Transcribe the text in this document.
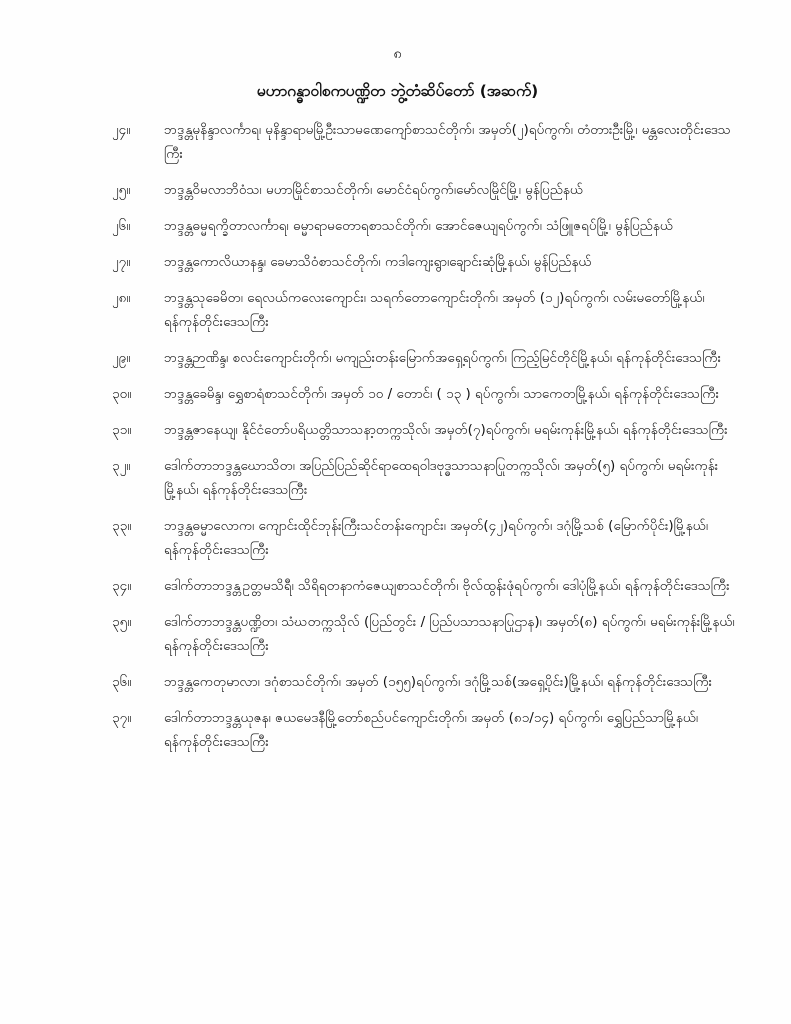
၈
မဟာဂန္ဓာဝါစကပဏ္ဍိတ ဘွဲ့တံဆိပ်တော် (အဆက်)
၂၄။	ဘဒ္ဒန္တမုနိန္ဒာလင်္ကာရ၊ မုနိန္ဒာရာမမြို့ဦးသာမဏေကျော်စာသင်တိုက်၊ အမှတ်(၂)ရပ်ကွက်၊ တံတားဦးမြို့၊ မန္တလေးတိုင်းဒေသကြီး
၂၅။	ဘဒ္ဒန္တဝိမလာဘိဝံသ၊ မဟာမြိုင်စာသင်တိုက်၊ မောင်ငံရပ်ကွက်၊မော်လမြိုင်မြို့၊ မွန်ပြည်နယ်
၂၆။	ဘဒ္ဒန္တဓမ္မရက္ခိတာလင်္ကာရ၊ ဓမ္မာရာမတောရစာသင်တိုက်၊ အောင်ဇေယျရပ်ကွက်၊ သံဖြူဇရပ်မြို့၊ မွန်ပြည်နယ်
၂၇။	ဘဒ္ဒန္တကောလိယာနန္ဒ၊ ခေမာသိဝံစာသင်တိုက်၊ ကဒါကျေးရွာ၊ချောင်းဆုံမြို့နယ်၊ မွန်ပြည်နယ်
၂၈။	ဘဒ္ဒန္တသုခေမိတ၊ ရေလယ်ကလေးကျောင်း၊ သရက်တောကျောင်းတိုက်၊ အမှတ် (၁၂)ရပ်ကွက်၊ လမ်းမတော်မြို့နယ်၊ ရန်ကုန်တိုင်းဒေသကြီး
၂၉။	ဘဒ္ဒန္တဉာဏိန္ဒ၊ စလင်းကျောင်းတိုက်၊ မကျည်းတန်းမြောက်အရှေ့ရပ်ကွက်၊ ကြည့်မြင်တိုင်မြို့နယ်၊ ရန်ကုန်တိုင်းဒေသကြီး
၃၀။	ဘဒ္ဒန္တခေမိန္ဒ၊ ရွှေစာရံစာသင်တိုက်၊ အမှတ် ၁၀ / တောင်၊ ( ၁၃ ) ရပ်ကွက်၊ သာကေတမြို့နယ်၊ ရန်ကုန်တိုင်းဒေသကြီး
၃၁။	ဘဒ္ဒန္တဇာနေယျ၊ နိုင်ငံတော်ပရိယတ္တိသာသနာ့တက္ကသိုလ်၊ အမှတ်(၇)ရပ်ကွက်၊ မရမ်းကုန်းမြို့နယ်၊ ရန်ကုန်တိုင်းဒေသကြီး
၃၂။	ဒေါက်တာဘဒ္ဒန္တဃောသိတ၊ အပြည်ပြည်ဆိုင်ရာထေရဝါဒဗုဒ္ဓသာသနာပြုတက္ကသိုလ်၊ အမှတ်(၅) ရပ်ကွက်၊ မရမ်းကုန်းမြို့နယ်၊ ရန်ကုန်တိုင်းဒေသကြီး
၃၃။	ဘဒ္ဒန္တဓမ္မာလောက၊ ကျောင်းထိုင်ဘုန်းကြီးသင်တန်းကျောင်း၊ အမှတ်(၄၂)ရပ်ကွက်၊ ဒဂုံမြို့သစ် (မြောက်ပိုင်း)မြို့နယ်၊ ရန်ကုန်တိုင်းဒေသကြီး
၃၄။	ဒေါက်တာဘဒ္ဒန္တဥတ္တမသိရီ၊ သိရိရတနာကံဇေယျစာသင်တိုက်၊ ဗိုလ်ထွန်းဖုံရပ်ကွက်၊ ဒေါပုံမြို့နယ်၊ ရန်ကုန်တိုင်းဒေသကြီး
၃၅။	ဒေါက်တာဘဒ္ဒန္တပဏ္ဍိတ၊ သံဃတက္ကသိုလ် (ပြည်တွင်း / ပြည်ပသာသနာပြုဌာန)၊ အမှတ်(၈) ရပ်ကွက်၊ မရမ်းကုန်းမြို့နယ်၊ ရန်ကုန်တိုင်းဒေသကြီး
၃၆။	ဘဒ္ဒန္တကေတုမာလာ၊ ဒဂုံစာသင်တိုက်၊ အမှတ် (၁၅၅)ရပ်ကွက်၊ ဒဂုံမြို့သစ်(အရှေ့ပိုင်း)မြို့နယ်၊ ရန်ကုန်တိုင်းဒေသကြီး
၃၇။	ဒေါက်တာဘဒ္ဒန္တယုဇန၊ ဇယမေဒနီမြို့တော်စည်ပင်ကျောင်းတိုက်၊ အမှတ် (၈၁/၁၄) ရပ်ကွက်၊ ရွှေပြည်သာမြို့နယ်၊ ရန်ကုန်တိုင်းဒေသကြီး
